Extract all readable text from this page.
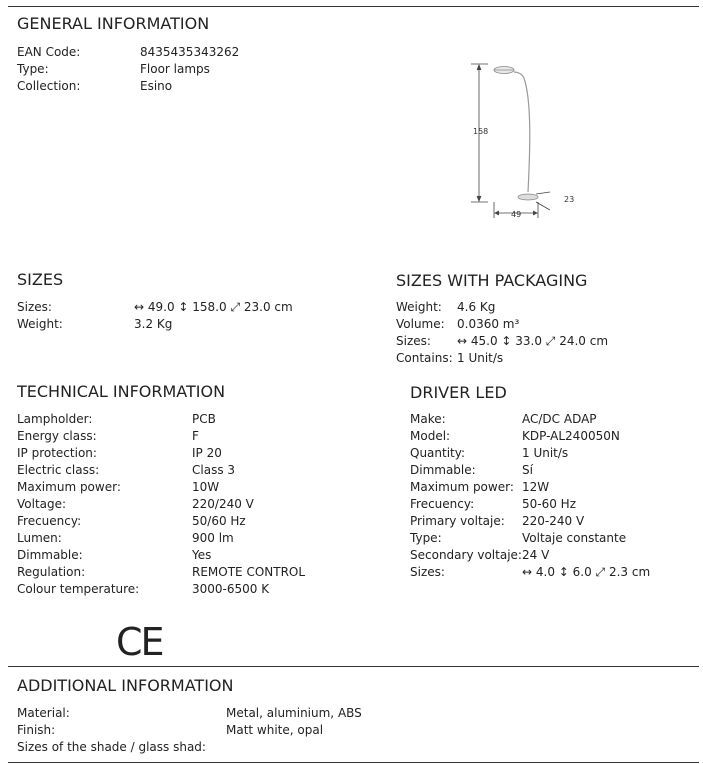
GENERAL INFORMATION
EAN Code:	8435435343262
Type:	Floor lamps
Collection:	Esino
158
49
23
SIZES
Sizes:	↔ 49.0 ↕ 158.0 ⤢ 23.0 cm
Weight:	3.2 Kg
SIZES WITH PACKAGING
Weight: 4.6 Kg
Volume: 0.0360 m³
Sizes: ↔ 45.0 ↕ 33.0 ⤢ 24.0 cm
Contains: 1 Unit/s
TECHNICAL INFORMATION
Lampholder:	PCB
Energy class:	F
IP protection:	IP 20
Electric class:	Class 3
Maximum power:	10W
Voltage:	220/240 V
Frecuency:	50/60 Hz
Lumen:	900 lm
Dimmable:	Yes
Regulation:	REMOTE CONTROL
Colour temperature:	3000-6500 K
DRIVER LED
Make:	AC/DC ADAP
Model:	KDP-AL240050N
Quantity:	1 Unit/s
Dimmable:	Sí
Maximum power: 12W
Frecuency:	50-60 Hz
Primary voltaje: 220-240 V
Type:	Voltaje constante
Secondary voltaje: 24 V
Sizes:	↔ 4.0 ↕ 6.0 ⤢ 2.3 cm
CE
ADDITIONAL INFORMATION
Material:	Metal, aluminium, ABS
Finish:	Matt white, opal
Sizes of the shade / glass shad:
